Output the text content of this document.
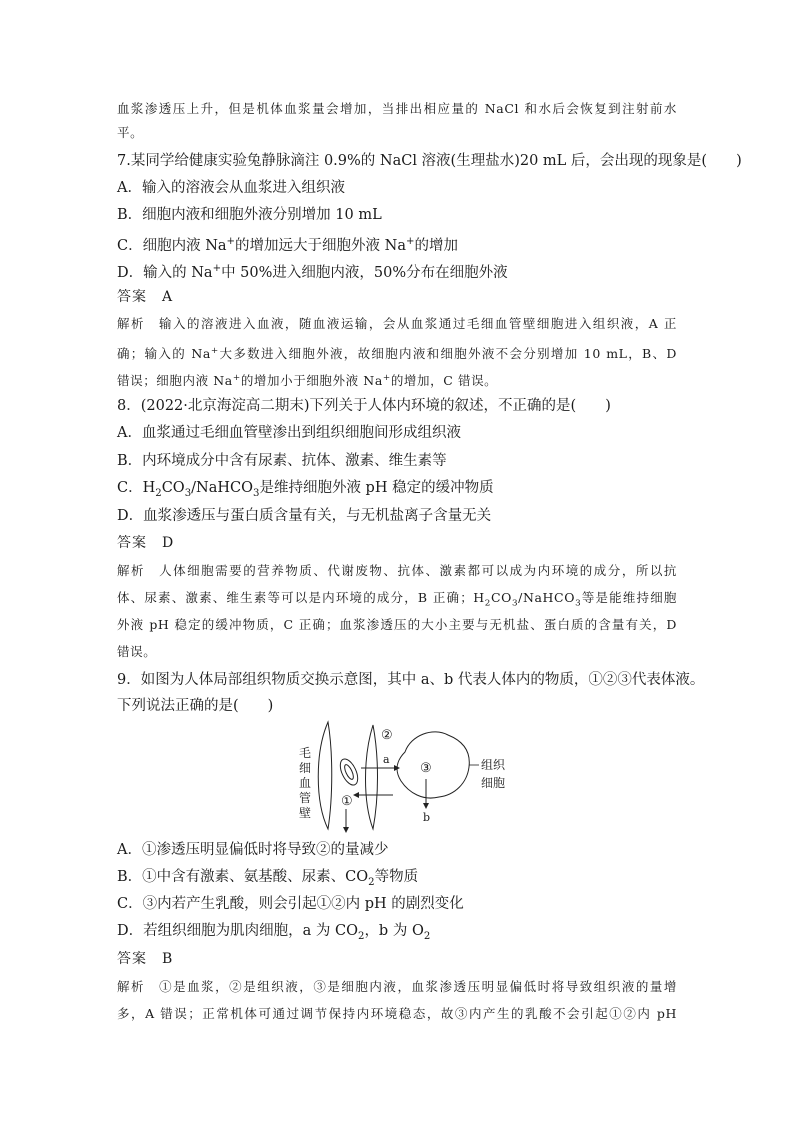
血浆渗透压上升，但是机体血浆量会增加，当排出相应量的 NaCl 和水后会恢复到注射前水
平。
7.某同学给健康实验兔静脉滴注 0.9%的 NaCl 溶液(生理盐水)20 mL 后，会出现的现象是(　　)
A．输入的溶液会从血浆进入组织液
B．细胞内液和细胞外液分别增加 10 mL
C．细胞内液 Na+的增加远大于细胞外液 Na+的增加
D．输入的 Na+中 50%进入细胞内液，50%分布在细胞外液
答案　A
解析　输入的溶液进入血液，随血液运输，会从血浆通过毛细血管壁细胞进入组织液，A 正
确；输入的 Na+大多数进入细胞外液，故细胞内液和细胞外液不会分别增加 10 mL，B、D
错误；细胞内液 Na+的增加小于细胞外液 Na+的增加，C 错误。
8．(2022·北京海淀高二期末)下列关于人体内环境的叙述，不正确的是(　　)
A．血浆通过毛细血管壁渗出到组织细胞间形成组织液
B．内环境成分中含有尿素、抗体、激素、维生素等
C．$H_2CO_3/NaHCO_3$是维持细胞外液 pH 稳定的缓冲物质
D．血浆渗透压与蛋白质含量有关，与无机盐离子含量无关
答案　D
解析　人体细胞需要的营养物质、代谢废物、抗体、激素都可以成为内环境的成分，所以抗
体、尿素、激素、维生素等可以是内环境的成分，B 正确；$H_2CO_3/NaHCO_3$等是能维持细胞
外液 pH 稳定的缓冲物质，C 正确；血浆渗透压的大小主要与无机盐、蛋白质的含量有关，D
错误。
9．如图为人体局部组织物质交换示意图，其中 a、b 代表人体内的物质，①②③代表体液。
下列说法正确的是(　　)
毛
细
血
管
壁
①
②
a
③
b
组织
细胞
A．①渗透压明显偏低时将导致②的量减少
B．①中含有激素、氨基酸、尿素、$CO_2$等物质
C．③内若产生乳酸，则会引起①②内 pH 的剧烈变化
D．若组织细胞为肌肉细胞，a 为 $CO_2$，b 为 $O_2$
答案　B
解析　①是血浆，②是组织液，③是细胞内液，血浆渗透压明显偏低时将导致组织液的量增
多，A 错误；正常机体可通过调节保持内环境稳态，故③内产生的乳酸不会引起①②内 pH
